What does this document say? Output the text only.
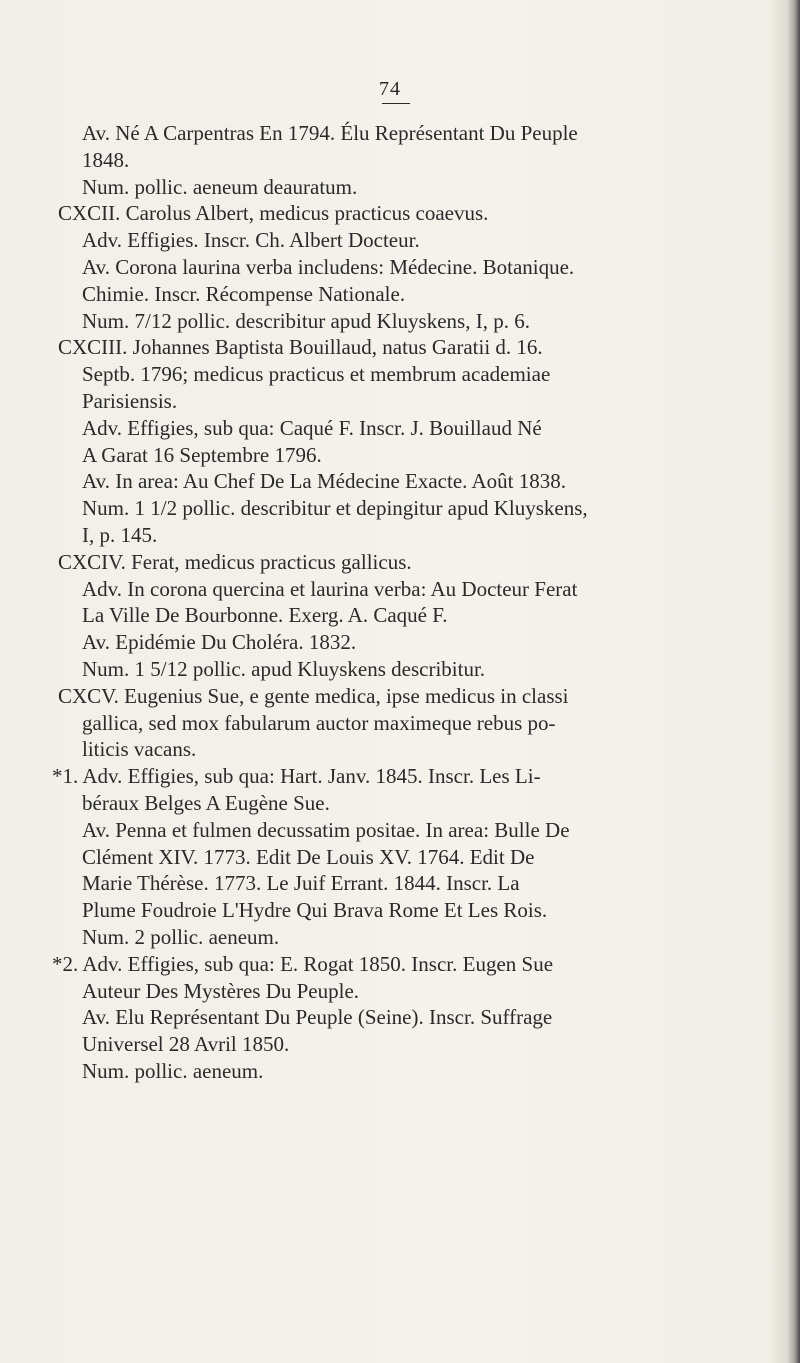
74
Av. Né A Carpentras En 1794. Élu Représentant Du Peuple
1848.
Num. pollic. aeneum deauratum.
CXCII. Carolus Albert, medicus practicus coaevus.
Adv. Effigies. Inscr. Ch. Albert Docteur.
Av. Corona laurina verba includens: Médecine. Botanique.
Chimie. Inscr. Récompense Nationale.
Num. 7/12 pollic. describitur apud Kluyskens, I, p. 6.
CXCIII. Johannes Baptista Bouillaud, natus Garatii d. 16.
Septb. 1796; medicus practicus et membrum academiae
Parisiensis.
Adv. Effigies, sub qua: Caqué F. Inscr. J. Bouillaud Né
A Garat 16 Septembre 1796.
Av. In area: Au Chef De La Médecine Exacte. Août 1838.
Num. 1 1/2 pollic. describitur et depingitur apud Kluyskens,
I, p. 145.
CXCIV. Ferat, medicus practicus gallicus.
Adv. In corona quercina et laurina verba: Au Docteur Ferat
La Ville De Bourbonne. Exerg. A. Caqué F.
Av. Epidémie Du Choléra. 1832.
Num. 1 5/12 pollic. apud Kluyskens describitur.
CXCV. Eugenius Sue, e gente medica, ipse medicus in classi
gallica, sed mox fabularum auctor maximeque rebus po-
liticis vacans.
*1. Adv. Effigies, sub qua: Hart. Janv. 1845. Inscr. Les Li-
béraux Belges A Eugène Sue.
Av. Penna et fulmen decussatim positae. In area: Bulle De
Clément XIV. 1773. Edit De Louis XV. 1764. Edit De
Marie Thérèse. 1773. Le Juif Errant. 1844. Inscr. La
Plume Foudroie L'Hydre Qui Brava Rome Et Les Rois.
Num. 2 pollic. aeneum.
*2. Adv. Effigies, sub qua: E. Rogat 1850. Inscr. Eugen Sue
Auteur Des Mystères Du Peuple.
Av. Elu Représentant Du Peuple (Seine). Inscr. Suffrage
Universel 28 Avril 1850.
Num. pollic. aeneum.
